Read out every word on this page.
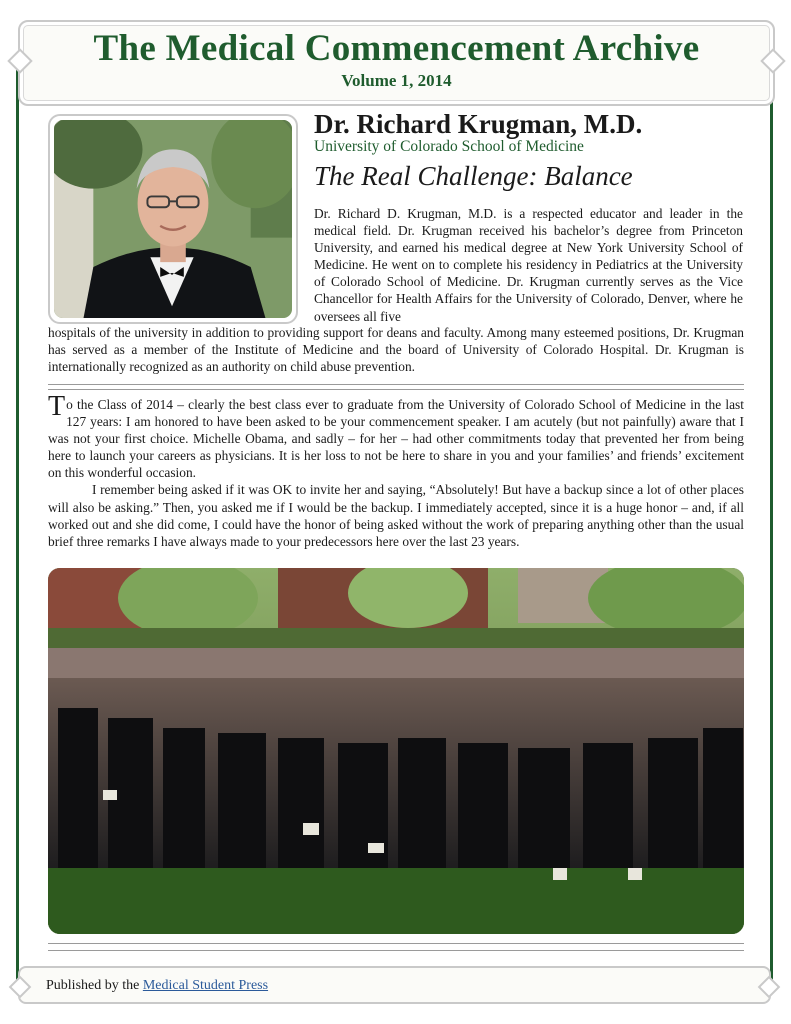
The Medical Commencement Archive
Volume 1, 2014
Dr. Richard Krugman, M.D.
University of Colorado School of Medicine
The Real Challenge: Balance

Dr. Richard D. Krugman, M.D. is a respected educator and leader in the medical field. Dr. Krugman received his bachelor’s degree from Princeton University, and earned his medical degree at New York University School of Medicine. He went on to complete his residency in Pediatrics at the University of Colorado School of Medicine. Dr. Krugman currently serves as the Vice Chancellor for Health Affairs for the University of Colorado, Denver, where he oversees all five

hospitals of the university in addition to providing support for deans and faculty. Among many esteemed positions, Dr. Krugman has served as a member of the Institute of Medicine and the board of University of Colorado Hospital. Dr. Krugman is internationally recognized as an authority on child abuse prevention.

To the Class of 2014 – clearly the best class ever to graduate from the University of Colorado School of Medicine in the last 127 years: I am honored to have been asked to be your commencement speaker. I am acutely (but not painfully) aware that I was not your first choice. Michelle Obama, and sadly – for her – had other commitments today that prevented her from being here to launch your careers as physicians. It is her loss to not be here to share in you and your families’ and friends’ excitement on this wonderful occasion.

I remember being asked if it was OK to invite her and saying, “Absolutely! But have a backup since a lot of other places will also be asking.” Then, you asked me if I would be the backup. I immediately accepted, since it is a huge honor – and, if all worked out and she did come, I could have the honor of being asked without the work of preparing anything other than the usual brief three remarks I have always made to your predecessors here over the last 23 years.

Published by the Medical Student Press
